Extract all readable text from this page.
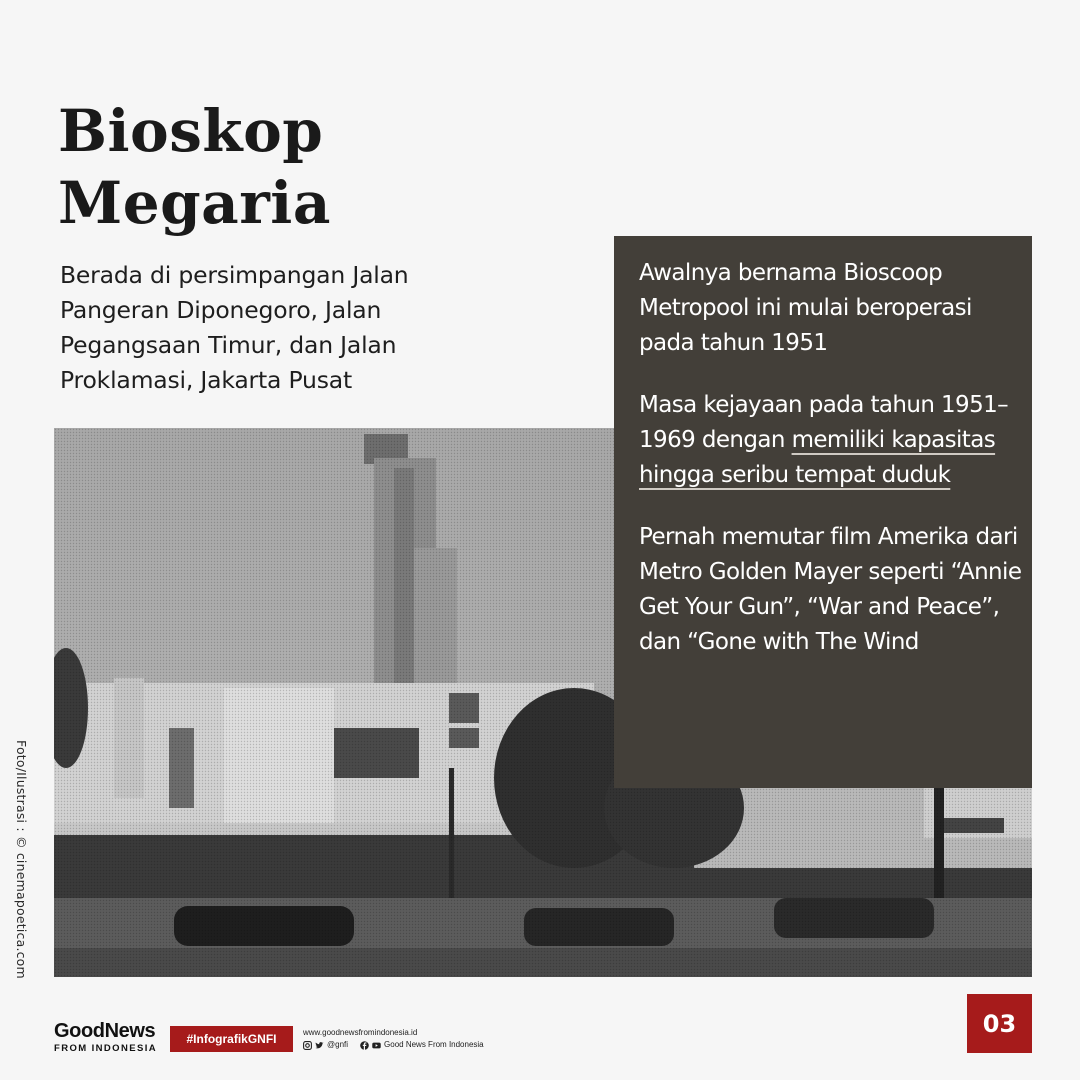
Bioskop
Megaria

Berada di persimpangan Jalan Pangeran Diponegoro, Jalan Pegangsaan Timur, dan Jalan Proklamasi, Jakarta Pusat

Foto/Ilustrasi : © cinemapoetica.com

Awalnya bernama Bioscoop Metropool ini mulai beroperasi pada tahun 1951

Masa kejayaan pada tahun 1951–1969 dengan memiliki kapasitas hingga seribu tempat duduk

Pernah memutar film Amerika dari Metro Golden Mayer seperti “Annie Get Your Gun”, “War and Peace”, dan “Gone with The Wind

GoodNews
FROM INDONESIA
#InfografikGNFI	www.goodnewsfromindonesia.id
@gnfi	Good News From Indonesia
03
